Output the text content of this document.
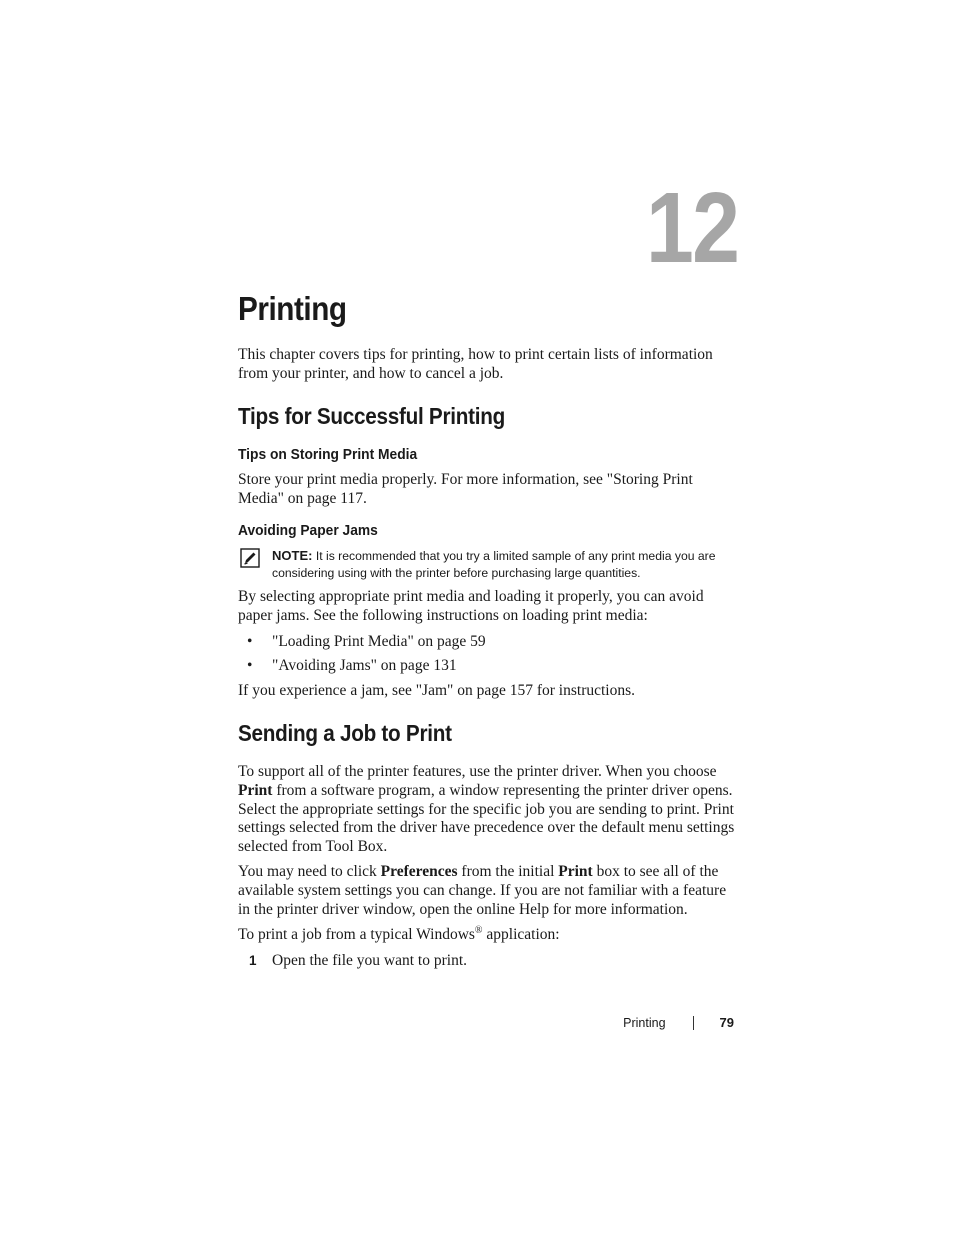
12
Printing

This chapter covers tips for printing, how to print certain lists of information from your printer, and how to cancel a job.

Tips for Successful Printing
Tips on Storing Print Media

Store your print media properly. For more information, see "Storing Print Media" on page 117.

Avoiding Paper Jams
NOTE: It is recommended that you try a limited sample of any print media you are considering using with the printer before purchasing large quantities.

By selecting appropriate print media and loading it properly, you can avoid paper jams. See the following instructions on loading print media:

• "Loading Print Media" on page 59
• "Avoiding Jams" on page 131

If you experience a jam, see "Jam" on page 157 for instructions.

Sending a Job to Print

To support all of the printer features, use the printer driver. When you choose Print from a software program, a window representing the printer driver opens. Select the appropriate settings for the specific job you are sending to print. Print settings selected from the driver have precedence over the default menu settings selected from Tool Box.

You may need to click Preferences from the initial Print box to see all of the available system settings you can change. If you are not familiar with a feature in the printer driver window, open the online Help for more information.

To print a job from a typical Windows® application:

1 Open the file you want to print.
Printing	79
